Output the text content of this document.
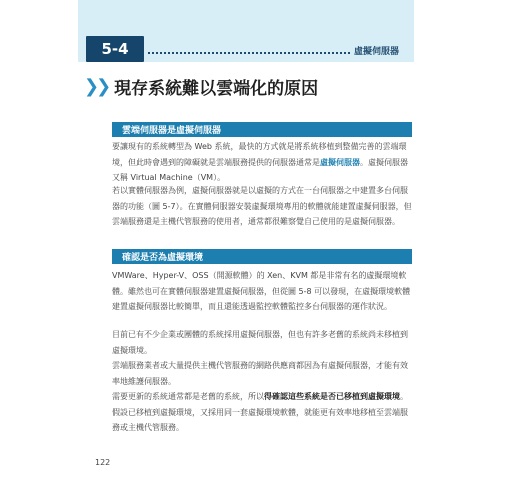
5-4	虛擬伺服器
❯❯ 現存系統難以雲端化的原因
雲端伺服器是虛擬伺服器

要讓現有的系統轉型為 Web 系統，最快的方式就是將系統移植到整備完善的雲端環境，但此時會遇到的障礙就是雲端服務提供的伺服器通常是虛擬伺服器。虛擬伺服器又稱 Virtual Machine（VM）。

若以實體伺服器為例，虛擬伺服器就是以虛擬的方式在一台伺服器之中建置多台伺服器的功能（圖 5-7）。在實體伺服器安裝虛擬環境專用的軟體就能建置虛擬伺服器，但雲端服務還是主機代管服務的使用者，通常都很難察覺自己使用的是虛擬伺服器。

確認是否為虛擬環境

VMWare、Hyper-V、OSS（開源軟體）的 Xen、KVM 都是非常有名的虛擬環境軟體。雖然也可在實體伺服器建置虛擬伺服器，但從圖 5-8 可以發現，在虛擬環境軟體建置虛擬伺服器比較簡單，而且還能透過監控軟體監控多台伺服器的運作狀況。

目前已有不少企業或團體的系統採用虛擬伺服器，但也有許多老舊的系統尚未移植到虛擬環境。

雲端服務業者或大量提供主機代管服務的網路供應商都因為有虛擬伺服器，才能有效率地維護伺服器。

需要更新的系統通常都是老舊的系統，所以得確認這些系統是否已移植到虛擬環境。假設已移植到虛擬環境，又採用同一套虛擬環境軟體，就能更有效率地移植至雲端服務或主機代管服務。

122
